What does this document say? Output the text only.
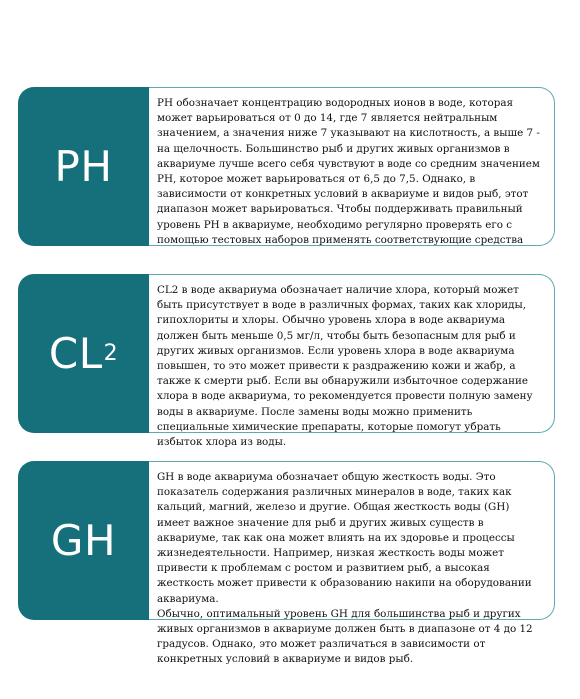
PH

PH обозначает концентрацию водородных ионов в воде, которая может варьироваться от 0 до 14, где 7 является нейтральным значением, а значения ниже 7 указывают на кислотность, а выше 7 - на щелочность. Большинство рыб и других живых организмов в аквариуме лучше всего себя чувствуют в воде со средним значением PH, которое может варьироваться от 6,5 до 7,5. Однако, в зависимости от конкретных условий в аквариуме и видов рыб, этот диапазон может варьироваться. Чтобы поддерживать правильный уровень PH в аквариуме, необходимо регулярно проверять его с помощью тестовых наборов применять соответствующие средства

CL 2

CL2 в воде аквариума обозначает наличие хлора, который может быть присутствует в воде в различных формах, таких как хлориды, гипохлориты и хлоры. Обычно уровень хлора в воде аквариума должен быть меньше 0,5 мг/л, чтобы быть безопасным для рыб и других живых организмов. Если уровень хлора в воде аквариума повышен, то это может привести к раздражению кожи и жабр, а также к смерти рыб. Если вы обнаружили избыточное содержание хлора в воде аквариума, то рекомендуется провести полную замену воды в аквариуме. После замены воды можно применить специальные химические препараты, которые помогут убрать избыток хлора из воды.

GH

GH в воде аквариума обозначает общую жесткость воды. Это показатель содержания различных минералов в воде, таких как кальций, магний, железо и другие. Общая жесткость воды (GH) имеет важное значение для рыб и других живых существ в аквариуме, так как она может влиять на их здоровье и процессы жизнедеятельности. Например, низкая жесткость воды может привести к проблемам с ростом и развитием рыб, а высокая жесткость может привести к образованию накипи на оборудовании аквариума.
Обычно, оптимальный уровень GH для большинства рыб и других живых организмов в аквариуме должен быть в диапазоне от 4 до 12 градусов. Однако, это может различаться в зависимости от конкретных условий в аквариуме и видов рыб.
